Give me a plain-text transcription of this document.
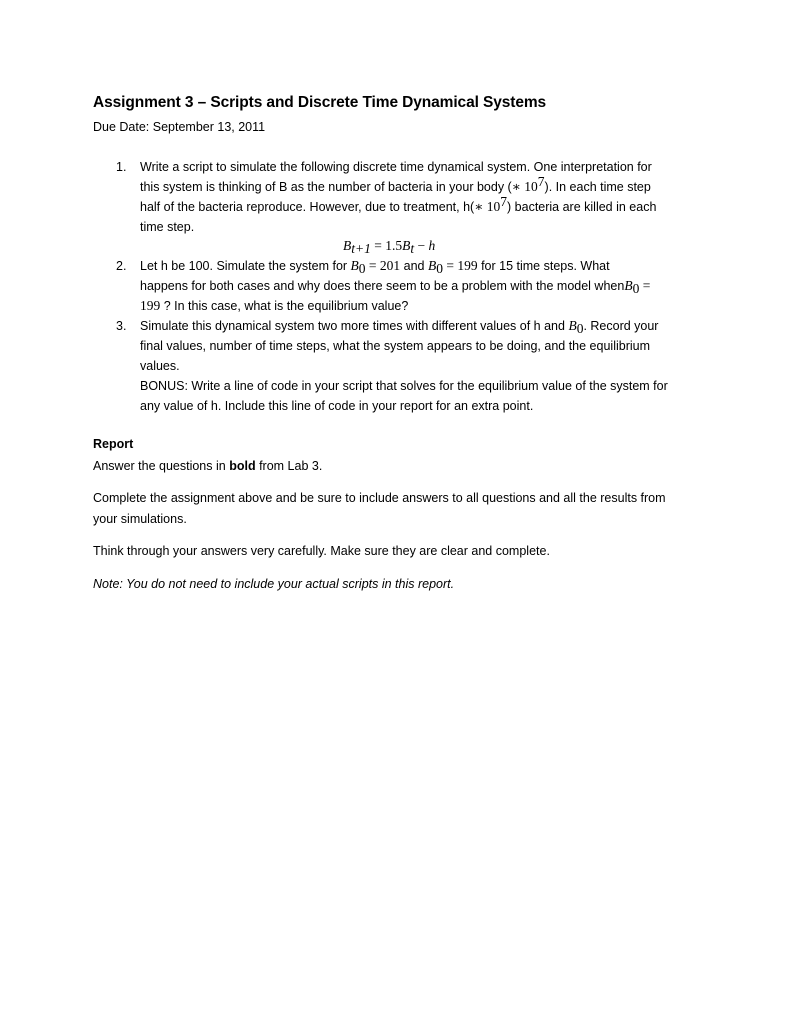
Assignment 3 – Scripts and Discrete Time Dynamical Systems
Due Date: September 13, 2011
1. Write a script to simulate the following discrete time dynamical system. One interpretation for
this system is thinking of B as the number of bacteria in your body (∗ $10^7$). In each time step
half of the bacteria reproduce. However, due to treatment, h(∗ $10^7$) bacteria are killed in each
time step.
$B_{t+1} = 1.5B_t - h$
2. Let h be 100. Simulate the system for $B_0 = 201$ and $B_0 = 199$ for 15 time steps. What
happens for both cases and why does there seem to be a problem with the model whenB$_0$ =
199 ? In this case, what is the equilibrium value?
3. Simulate this dynamical system two more times with different values of h and $B_0$. Record your
final values, number of time steps, what the system appears to be doing, and the equilibrium
values.
BONUS: Write a line of code in your script that solves for the equilibrium value of the system for
any value of h. Include this line of code in your report for an extra point.
Report
Answer the questions in bold from Lab 3.
Complete the assignment above and be sure to include answers to all questions and all the results from
your simulations.
Think through your answers very carefully. Make sure they are clear and complete.
Note: You do not need to include your actual scripts in this report.
